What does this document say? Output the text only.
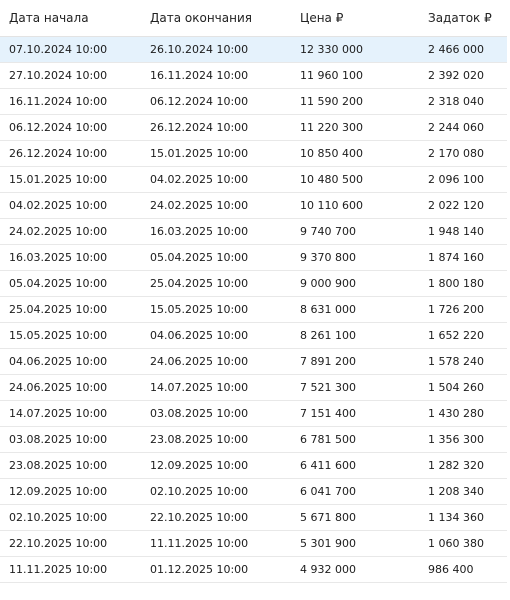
Дата начала	Дата окончания	Цена ₽	Задаток ₽
07.10.2024 10:00	26.10.2024 10:00	12 330 000	2 466 000
27.10.2024 10:00	16.11.2024 10:00	11 960 100	2 392 020
16.11.2024 10:00	06.12.2024 10:00	11 590 200	2 318 040
06.12.2024 10:00	26.12.2024 10:00	11 220 300	2 244 060
26.12.2024 10:00	15.01.2025 10:00	10 850 400	2 170 080
15.01.2025 10:00	04.02.2025 10:00	10 480 500	2 096 100
04.02.2025 10:00	24.02.2025 10:00	10 110 600	2 022 120
24.02.2025 10:00	16.03.2025 10:00	9 740 700	1 948 140
16.03.2025 10:00	05.04.2025 10:00	9 370 800	1 874 160
05.04.2025 10:00	25.04.2025 10:00	9 000 900	1 800 180
25.04.2025 10:00	15.05.2025 10:00	8 631 000	1 726 200
15.05.2025 10:00	04.06.2025 10:00	8 261 100	1 652 220
04.06.2025 10:00	24.06.2025 10:00	7 891 200	1 578 240
24.06.2025 10:00	14.07.2025 10:00	7 521 300	1 504 260
14.07.2025 10:00	03.08.2025 10:00	7 151 400	1 430 280
03.08.2025 10:00	23.08.2025 10:00	6 781 500	1 356 300
23.08.2025 10:00	12.09.2025 10:00	6 411 600	1 282 320
12.09.2025 10:00	02.10.2025 10:00	6 041 700	1 208 340
02.10.2025 10:00	22.10.2025 10:00	5 671 800	1 134 360
22.10.2025 10:00	11.11.2025 10:00	5 301 900	1 060 380
11.11.2025 10:00	01.12.2025 10:00	4 932 000	986 400
